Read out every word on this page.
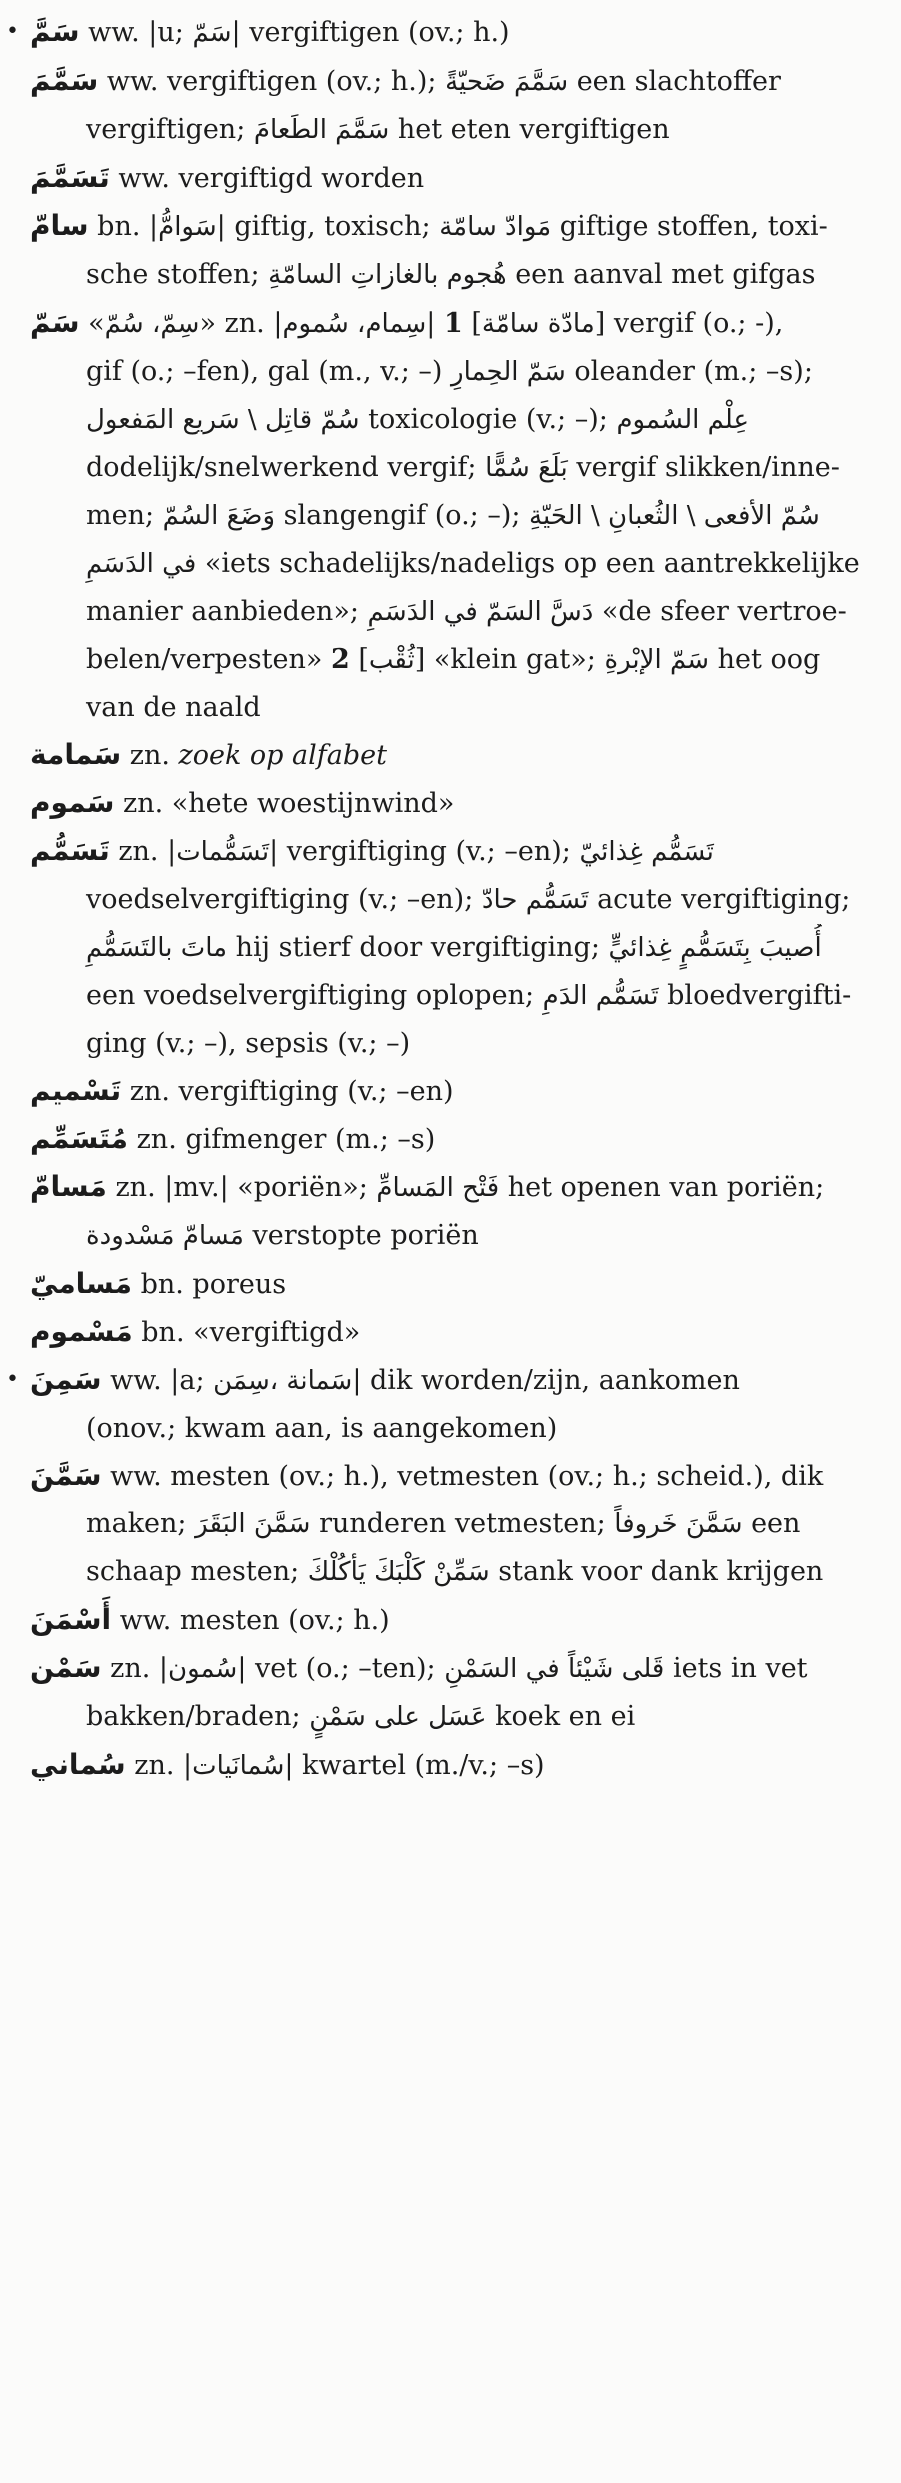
• سَمَّ ww. |u; سَمّ| vergiftigen (ov.; h.)
سَمَّمَ ww. vergiftigen (ov.; h.); سَمَّمَ ضَحيّةً een slachtoffer
vergiftigen; سَمَّمَ الطَعامَ het eten vergiftigen
تَسَمَّمَ ww. vergiftigd worden
سامّ bn. |سَوامُّ| giftig, toxisch; مَوادّ سامّة giftige stoffen, toxi-
sche stoffen; هُجوم بالغازاتِ السامّةِ een aanval met gifgas
سَمّ «سِمّ، سُمّ» zn. |سِمام، سُموم| 1 [مادّة سامّة] vergif (o.; -),
gif (o.; –fen), gal (m., v.; –) سَمّ الحِمارِ oleander (m.; –s);
سُمّ قاتِل \ سَريع المَفعول toxicologie (v.; –); عِلْم السُموم
dodelijk/snelwerkend vergif; بَلَعَ سُمًّا vergif slikken/inne-
men; وَضَعَ السُمّ slangengif (o.; –); سُمّ الأفعى \ الثُعبانِ \ الحَيّةِ
في الدَسَمِ «iets schadelijks/nadeligs op een aantrekkelijke
manier aanbieden»; دَسَّ السَمّ في الدَسَمِ «de sfeer vertroe-
belen/verpesten» 2 [ثُقْب] «klein gat»; سَمّ الإبْرةِ het oog
van de naald
سَمامة zn. zoek op alfabet
سَموم zn. «hete woestijnwind»
تَسَمُّم zn. |تَسَمُّمات| vergiftiging (v.; –en); تَسَمُّم غِذائيّ
voedselvergiftiging (v.; –en); تَسَمُّم حادّ acute vergiftiging;
ماتَ بالتَسَمُّمِ hij stierf door vergiftiging; أُصيبَ بِتَسَمُّمٍ غِذائيٍّ
een voedselvergiftiging oplopen; تَسَمُّم الدَمِ bloedvergifti-
ging (v.; –), sepsis (v.; –)
تَسْميم zn. vergiftiging (v.; –en)
مُتَسَمِّم zn. gifmenger (m.; –s)
مَسامّ zn. |mv.| «poriën»; فَتْح المَسامِّ het openen van poriën;
مَسامّ مَسْدودة verstopte poriën
مَساميّ bn. poreus
مَسْموم bn. «vergiftigd»
• سَمِنَ ww. |a; سَمانة ،سِمَن| dik worden/zijn, aankomen
(onov.; kwam aan, is aangekomen)
سَمَّنَ ww. mesten (ov.; h.), vetmesten (ov.; h.; scheid.), dik
maken; سَمَّنَ البَقَرَ runderen vetmesten; سَمَّنَ خَروفاً een
schaap mesten; سَمِّنْ كَلْبَكَ يَأكُلْكَ stank voor dank krijgen
أَسْمَنَ ww. mesten (ov.; h.)
سَمْن zn. |سُمون| vet (o.; –ten); قَلى شَيْئاً في السَمْنِ iets in vet
bakken/braden; عَسَل على سَمْنٍ koek en ei
سُماني zn. |سُمانَيات| kwartel (m./v.; –s)
